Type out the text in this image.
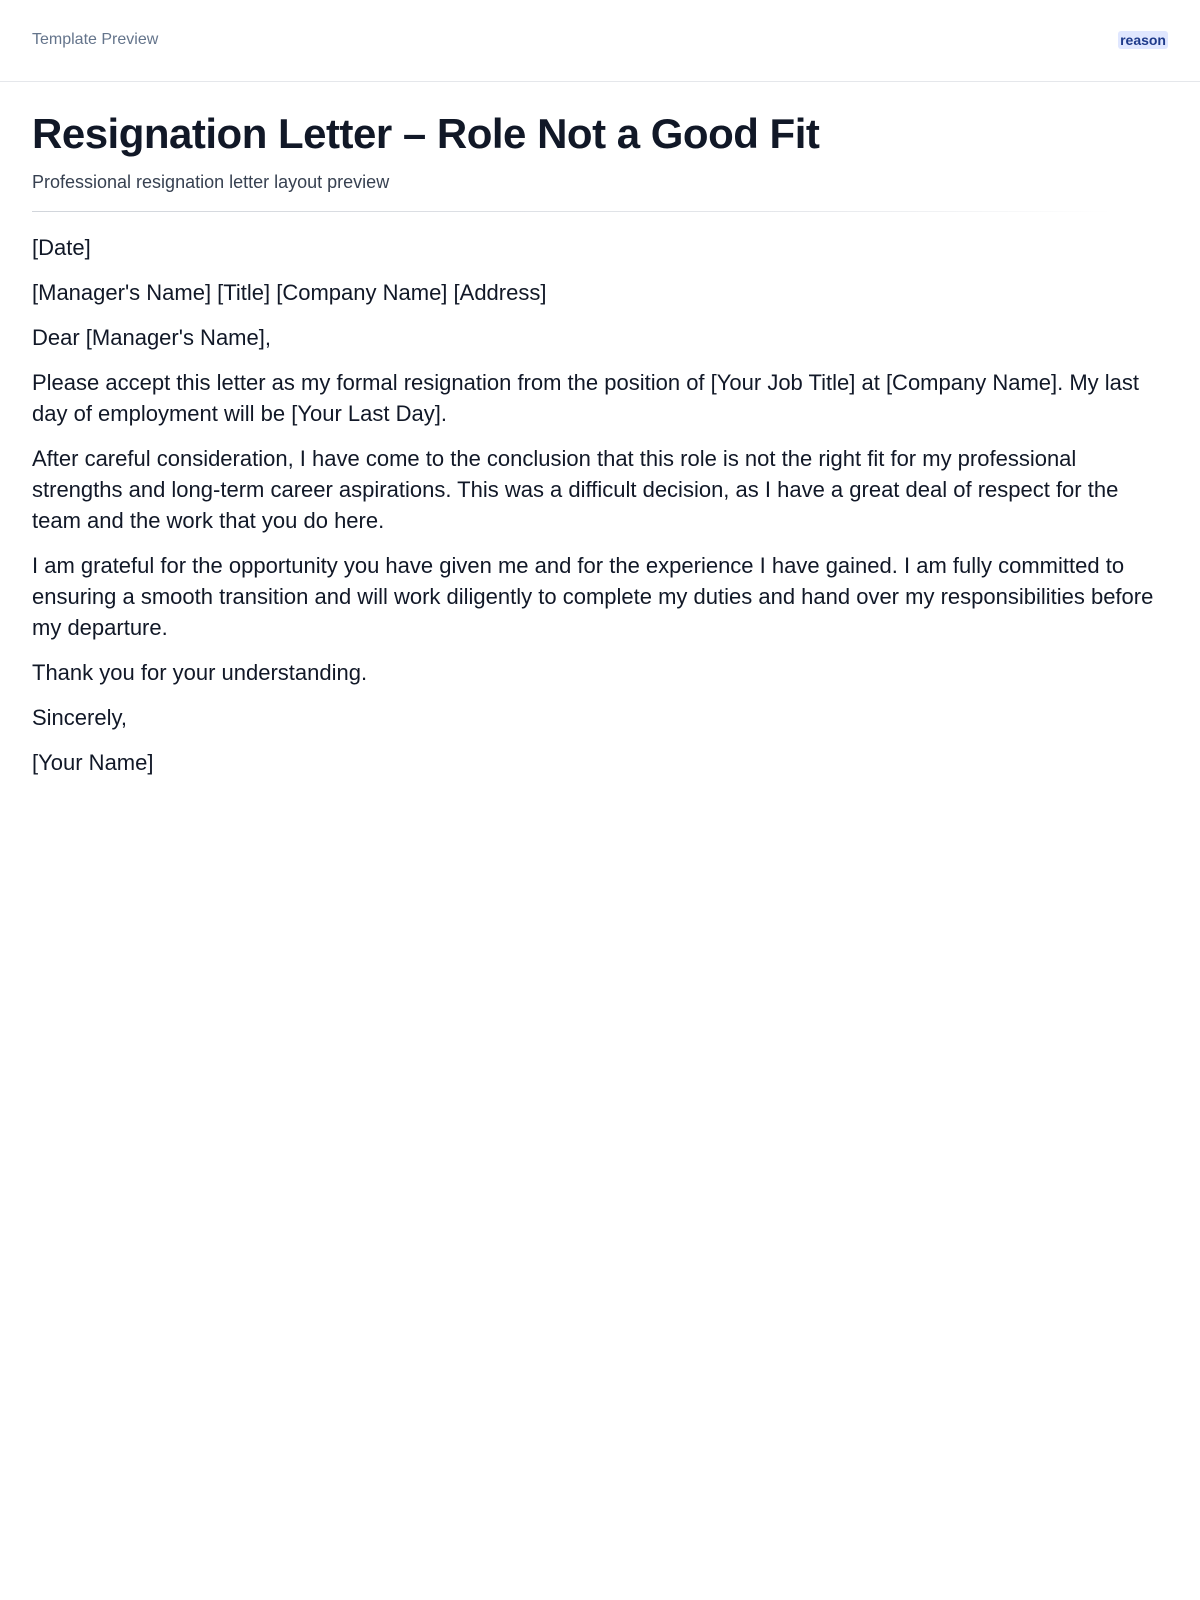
Template Preview	reason
Resignation Letter – Role Not a Good Fit
Professional resignation letter layout preview

[Date]

[Manager's Name] [Title] [Company Name] [Address]

Dear [Manager's Name],

Please accept this letter as my formal resignation from the position of [Your Job Title] at [Company Name]. My last day of employment will be [Your Last Day].

After careful consideration, I have come to the conclusion that this role is not the right fit for my professional strengths and long-term career aspirations. This was a difficult decision, as I have a great deal of respect for the team and the work that you do here.

I am grateful for the opportunity you have given me and for the experience I have gained. I am fully committed to ensuring a smooth transition and will work diligently to complete my duties and hand over my responsibilities before my departure.

Thank you for your understanding.

Sincerely,

[Your Name]
